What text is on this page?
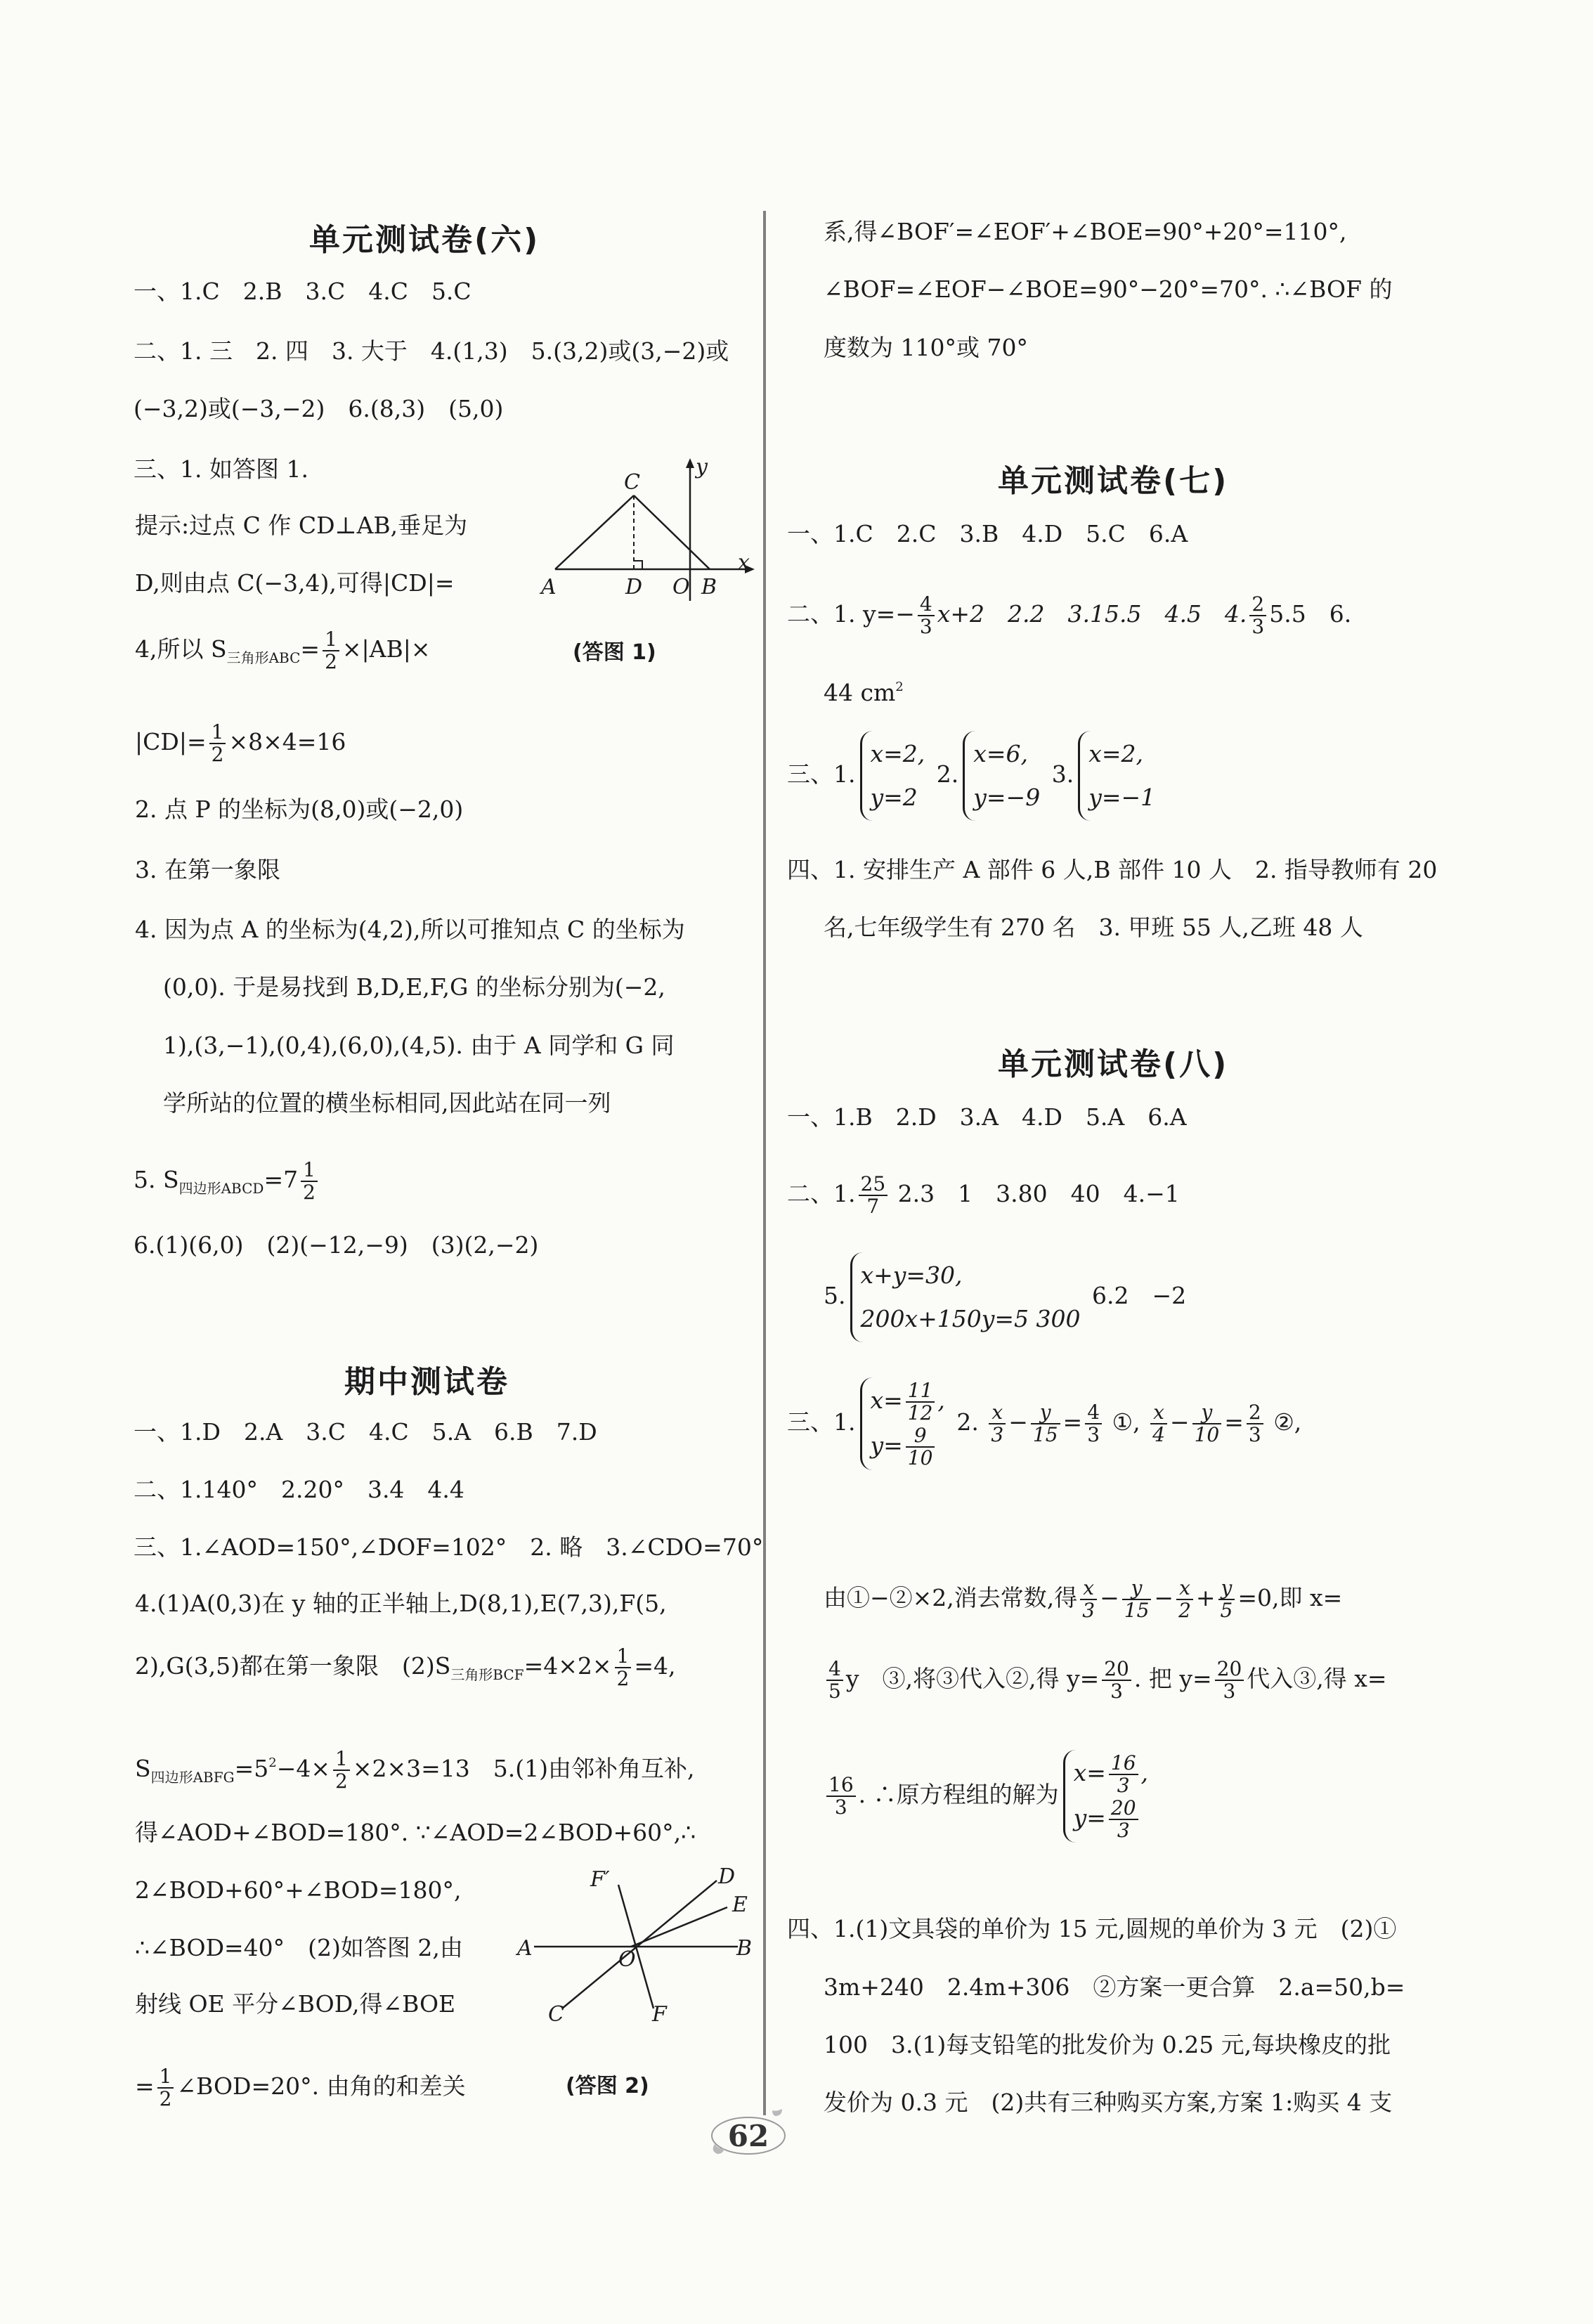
单元测试卷(六)
一、1.C　2.B　3.C　4.C　5.C
二、1. 三　2. 四　3. 大于　4.(1,3)　5.(3,2)或(3,−2)或
(−3,2)或(−3,−2)　6.(8,3)　(5,0)
三、1. 如答图 1.
提示:过点 C 作 CD⊥AB,垂足为
D,则由点 C(−3,4),可得|CD|=
4,所以 $S_{三角形ABC}= \frac{1}{2} \times|AB|\times$
$|CD|= \frac{1}{2} \times 8\times 4=16$
2. 点 P 的坐标为(8,0)或(−2,0)
3. 在第一象限
4. 因为点 A 的坐标为(4,2),所以可推知点 C 的坐标为
(0,0). 于是易找到 B,D,E,F,G 的坐标分别为(−2,
1),(3,−1),(0,4),(6,0),(4,5). 由于 A 同学和 G 同
学所站的位置的横坐标相同,因此站在同一列
5. $S_{四边形ABCD}=7 \frac{1}{2}$
6.(1)(6,0)　(2)(−12,−9)　(3)(2,−2)
C
y
A	D O B
x
(答图 1)
期中测试卷
一、1.D　2.A　3.C　4.C　5.A　6.B　7.D
二、1.140°　2.20°　3.4　4.4
三、1.∠AOD=150°,∠DOF=102°　2. 略　3.∠CDO=70°
4.(1)A(0,3)在 y 轴的正半轴上,D(8,1),E(7,3),F(5,
2),G(3,5)都在第一象限　$(2)S_{三角形BCF}=4\times 2\times \frac{1}{2} =4$,
$S_{四边形ABFG}=5^2-4\times \frac{1}{2} \times 2\times 3=13$　5.(1)由邻补角互补,
得∠AOD+∠BOD=180°. ∵∠AOD=2∠BOD+60°,∴
2∠BOD+60°+∠BOD=180°,
∴∠BOD=40°　(2)如答图 2,由
射线 OE 平分∠BOD,得∠BOE
= $\frac{1}{2}$ ∠BOD=20°. 由角的和差关
F′	D
E
A	O	B
C	F
(答图 2)
系,得∠BOF′=∠EOF′+∠BOE=90°+20°=110°,
∠BOF=∠EOF−∠BOE=90°−20°=70°. ∴∠BOF 的
度数为 110°或 70°
单元测试卷(七)
一、1.C　2.C　3.B　4.D　5.C　6.A
二、1. $y=- \frac{4}{3} x+2$　2.2　3.15.5　4.5　4. $\frac{2}{3} 5.5$　6.
44 $cm^2$
三、1.
x=2,
y=2
2.
x=6,
y=−9
3.
x=2,
y=−1
四、1. 安排生产 A 部件 6 人,B 部件 10 人　2. 指导教师有 20
名,七年级学生有 270 名　3. 甲班 55 人,乙班 48 人
单元测试卷(八)
一、1.B　2.D　3.A　4.D　5.A　6.A
二、1. $\frac{25}{7} 2.3$　1　3.80　40　4.−1
5.
x+y=30,
200x+150y=5 300
6.2　−2
三、1.
$x= \frac{11}{12}$ ,
$y= \frac{9}{10}$
2. $\frac{x}{3} - \frac{y}{15} = \frac{4}{3}$ ①, $\frac{x}{4} - \frac{y}{10} = \frac{2}{3}$ ②,
由①−②×2,消去常数,得 $\frac{x}{3} - \frac{y}{15} - \frac{x}{2} + \frac{y}{5} =0$,即 x=
$\frac{4}{5}$ y　③,将③代入②,得 $y= \frac{20}{3}$ . 把 $y= \frac{20}{3}$ 代入③,得 x=
$\frac{16}{3}$ . ∴原方程组的解为
$x= \frac{16}{3}$ ,
$y= \frac{20}{3}$
四、1.(1)文具袋的单价为 15 元,圆规的单价为 3 元　(2)①
3m+240　2.4m+306　②方案一更合算　2.a=50,b=
100　3.(1)每支铅笔的批发价为 0.25 元,每块橡皮的批
发价为 0.3 元　(2)共有三种购买方案,方案 1:购买 4 支
62
